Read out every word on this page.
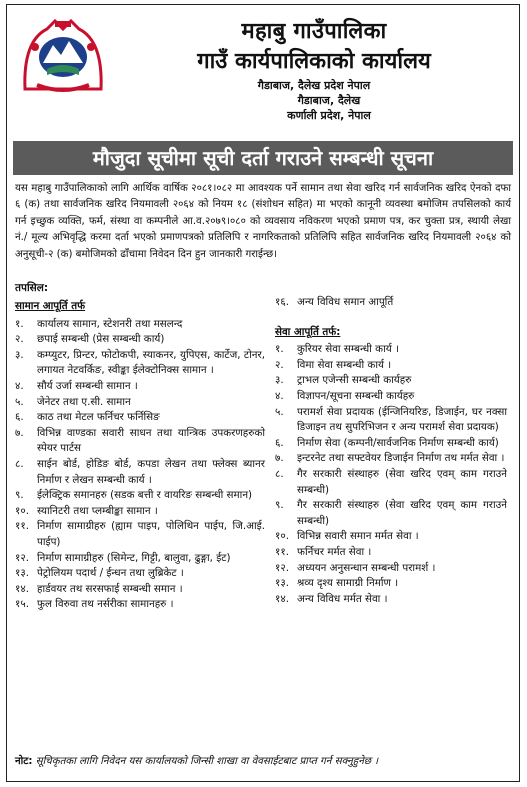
महाबु गाउँपालिका
गाउँ कार्यपालिकाको कार्यालय
गैडाबाज, दैलेख प्रदेश नेपाल
गैडाबाज, दैलेख
कर्णाली प्रदेश, नेपाल
मौजुदा सूचीमा सूची दर्ता गराउने सम्बन्धी सूचना
यस महाबु गाउँपालिकाको लागि आर्थिक वार्षिक २०८१।०८२ मा आवश्यक पर्ने सामान तथा सेवा खरिद गर्न सार्वजनिक खरिद ऐनको दफा ६ (क) तथा सार्वजनिक खरिद नियमावली २०६४ को नियम १८ (संशोधन सहित) मा भएको कानूनी व्यवस्था बमोजिम तपसिलको कार्य गर्न इच्छुक व्यक्ति, फर्म, संस्था वा कम्पनीले आ.व.२०७९।०८० को व्यवसाय नविकरण भएको प्रमाण पत्र, कर चुक्ता प्रत्र, स्थायी लेखा नं./ मूल्य अभिवृद्धि करमा दर्ता भएको प्रमाणपत्रको प्रतिलिपि र नागरिकताको प्रतिलिपि सहित सार्वजनिक खरिद नियमावली २०६४ को अनुसूची-२ (क) बमोजिमको ढाँचामा निवेदन दिन हुन जानकारी गराईन्छ।
तपसिल:
सामान आपूर्ति तर्फ
१.	कार्यालय सामान, स्टेशनरी तथा मसलन्द
२.	छपाई सम्बन्धी (प्रेस सम्बन्धी कार्य)
३.	कम्प्युटर, प्रिन्टर, फोटोकपी, स्याकनर, युपिएस, कार्टेज, टोनर, लगायत नेटवर्किङ, स्वीङ्का ईलेक्टोनिक्स सामान ।
४.	सौर्य उर्जा सम्बन्धी सामान ।
५.	जेनेटर तथा ए.सी. सामान
६.	काठ तथा मेटल फर्निचर फर्निसिङ
७.	विभिन्न वाण्डका सवारी साधन तथा यान्त्रिक उपकरणहरुको स्पेयर पार्टस
८.	साईन बोर्ड, होडिङ बोर्ड, कपडा लेखन तथा फ्लेक्स ब्यानर निर्माण र लेखन सम्बन्धी कार्य ।
९.	ईलेक्ट्रिक समानहरु (सडक बत्ती र वायरिङ सम्बन्धी समान)
१०. स्यानिटरी तथा प्लम्बीङ्का सामान ।
११. निर्माण सामाग्रीहरु (ह्याम पाइप, पोलिथिन पाईप, जि.आई. पाईप)
१२. निर्माण सामाग्रीहरु (सिमेन्ट, गिट्टी, बालुवा, ढुङ्गा, ईट)
१३. पेट्रोलियम पदार्थ / ईन्धन तथा लुब्रिकेट ।
१४. हार्डवयर तथ सरसफाई सम्बन्धी समान ।
१५. फुल विरुवा तथ नर्सरीका सामानहरु ।
१६. अन्य विविध समान आपूर्ति
सेवा आपूर्ति तर्फ:
१.	कुरियर सेवा सम्बन्धी कार्य ।
२.	विमा सेवा सम्बन्धी कार्य ।
३.	ट्राभल एजेन्सी सम्बन्धी कार्यहरु
४.	विज्ञापन/सूचना सम्बन्धी कार्यहरु
५.	परामर्श सेवा प्रदायक (ईन्जिनियरिङ, डिजाईन, घर नक्सा डिजाइन तथ सुपरिभिजन र अन्य परामर्श सेवा प्रदायक)
६.	निर्माण सेवा (कम्पनी/सार्वजनिक निर्माण सम्बन्धी कार्य)
७.	इन्टरनेट तथा सफ्टवेयर डिजाईन निर्माण तथ मर्मत सेवा ।
८.	गैर सरकारी संस्थाहरु (सेवा खरिद एवम् काम गराउने सम्बन्धी)
९.	गैर सरकारी संस्थाहरु (सेवा खरिद एवम् काम गराउने सम्बन्धी)
१०. विभिन्न सवारी समान मर्मत सेवा ।
११. फर्निचर मर्मत सेवा ।
१२. अध्ययन अनुसन्धान सम्बन्धी परामर्श ।
१३. श्रव्य दृश्य सामाग्री निर्माण ।
१४. अन्य विविध मर्मत सेवा ।
नोट: सूचिकृतका लागि निवेदन यस कार्यालयको जिन्सी शाखा वा वेवसाईटबाट प्राप्त गर्न सक्नुहुनेछ ।
